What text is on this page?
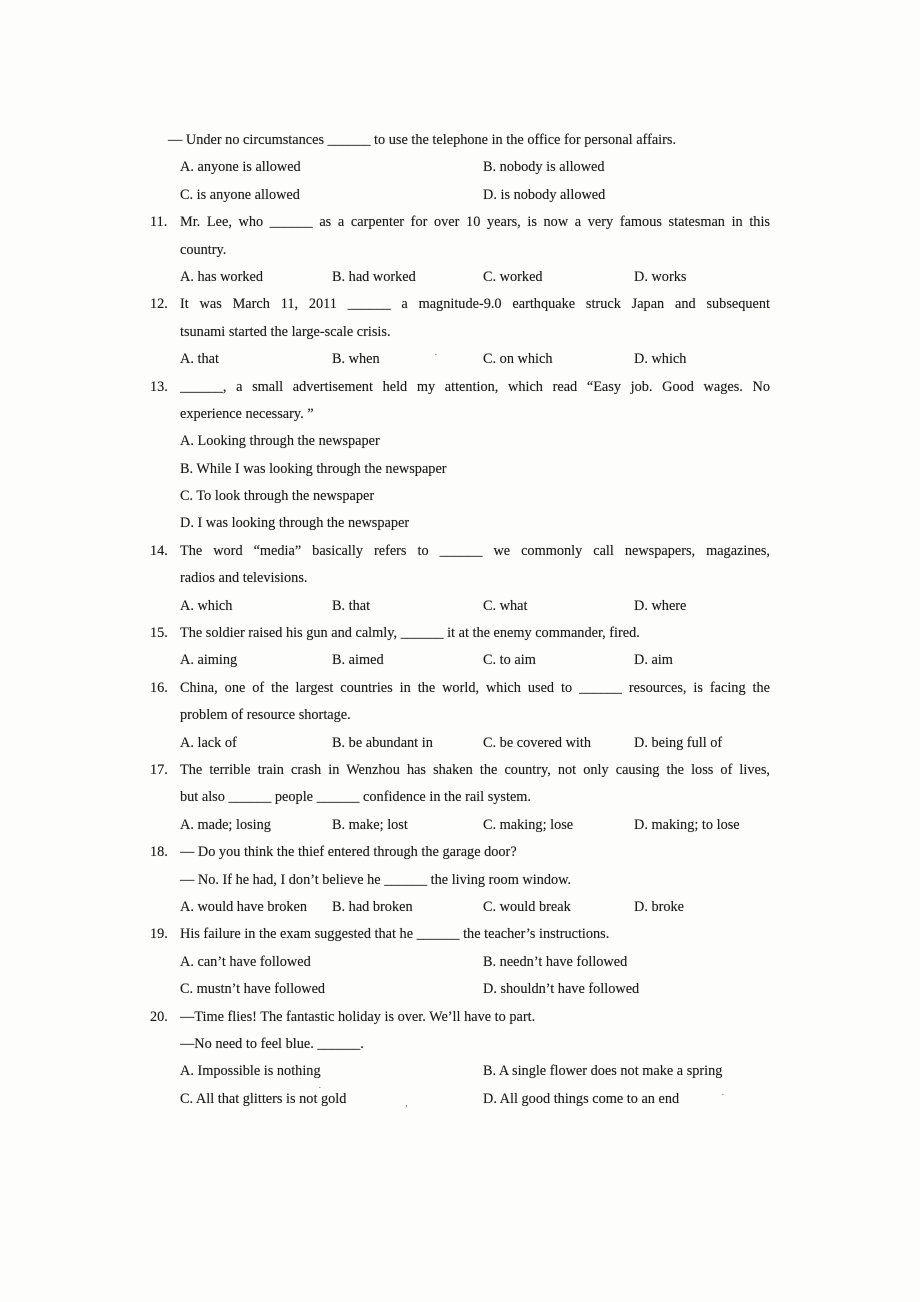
— Under no circumstances ______ to use the telephone in the office for personal affairs.
A. anyone is allowed	B. nobody is allowed
C. is anyone allowed	D. is nobody allowed
11. Mr. Lee, who ______ as a carpenter for over 10 years, is now a very famous statesman in this
country.
A. has worked	B. had worked	C. worked	D. works
12. It was March 11, 2011 ______ a magnitude-9.0 earthquake struck Japan and subsequent
tsunami started the large-scale crisis.
A. that	B. when	C. on which	D. which
13. ______, a small advertisement held my attention, which read “Easy job. Good wages. No
experience necessary. ”
A. Looking through the newspaper
B. While I was looking through the newspaper
C. To look through the newspaper
D. I was looking through the newspaper
14. The word “media” basically refers to ______ we commonly call newspapers, magazines,
radios and televisions.
A. which	B. that	C. what	D. where
15. The soldier raised his gun and calmly, ______ it at the enemy commander, fired.
A. aiming	B. aimed	C. to aim	D. aim
16. China, one of the largest countries in the world, which used to ______ resources, is facing the
problem of resource shortage.
A. lack of	B. be abundant in	C. be covered with	D. being full of
17. The terrible train crash in Wenzhou has shaken the country, not only causing the loss of lives,
but also ______ people ______ confidence in the rail system.
A. made; losing	B. make; lost	C. making; lose	D. making; to lose
18. — Do you think the thief entered through the garage door?
— No. If he had, I don’t believe he ______ the living room window.
A. would have broken B. had broken	C. would break	D. broke
19. His failure in the exam suggested that he ______ the teacher’s instructions.
A. can’t have followed	B. needn’t have followed
C. mustn’t have followed	D. shouldn’t have followed
20. —Time flies! The fantastic holiday is over. We’ll have to part.
—No need to feel blue. ______.
A. Impossible is nothing	B. A single flower does not make a spring
C. All that glitters is not gold	D. All good things come to an end	·
,
·
·
